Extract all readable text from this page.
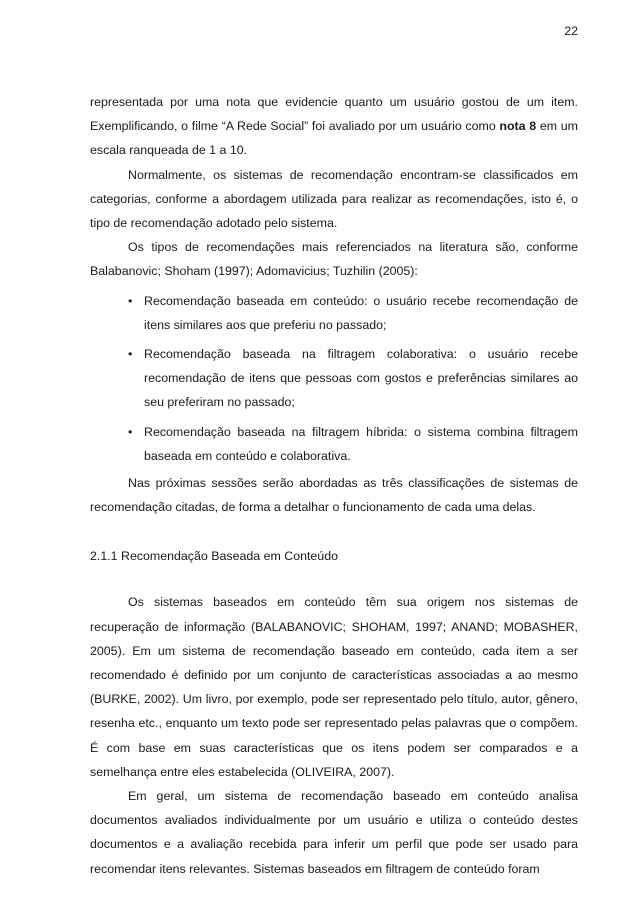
22

representada por uma nota que evidencie quanto um usuário gostou de um item. Exemplificando, o filme “A Rede Social” foi avaliado por um usuário como nota 8 em um escala ranqueada de 1 a 10.

Normalmente, os sistemas de recomendação encontram-se classificados em categorias, conforme a abordagem utilizada para realizar as recomendações, isto é, o tipo de recomendação adotado pelo sistema.

Os tipos de recomendações mais referenciados na literatura são, conforme Balabanovic; Shoham (1997); Adomavicius; Tuzhilin (2005):

• Recomendação baseada em conteúdo: o usuário recebe recomendação de itens similares aos que preferiu no passado;
• Recomendação baseada na filtragem colaborativa: o usuário recebe recomendação de itens que pessoas com gostos e preferências similares ao seu preferiram no passado;
• Recomendação baseada na filtragem híbrida: o sistema combina filtragem baseada em conteúdo e colaborativa.

Nas próximas sessões serão abordadas as três classificações de sistemas de recomendação citadas, de forma a detalhar o funcionamento de cada uma delas.

2.1.1 Recomendação Baseada em Conteúdo

Os sistemas baseados em conteúdo têm sua origem nos sistemas de recuperação de informação (BALABANOVIC; SHOHAM, 1997; ANAND; MOBASHER, 2005). Em um sistema de recomendação baseado em conteúdo, cada item a ser recomendado é definido por um conjunto de características associadas a ao mesmo (BURKE, 2002). Um livro, por exemplo, pode ser representado pelo título, autor, gênero, resenha etc., enquanto um texto pode ser representado pelas palavras que o compõem. É com base em suas características que os itens podem ser comparados e a semelhança entre eles estabelecida (OLIVEIRA, 2007).

Em geral, um sistema de recomendação baseado em conteúdo analisa documentos avaliados individualmente por um usuário e utiliza o conteúdo destes documentos e a avaliação recebida para inferir um perfil que pode ser usado para recomendar itens relevantes. Sistemas baseados em filtragem de conteúdo foram
